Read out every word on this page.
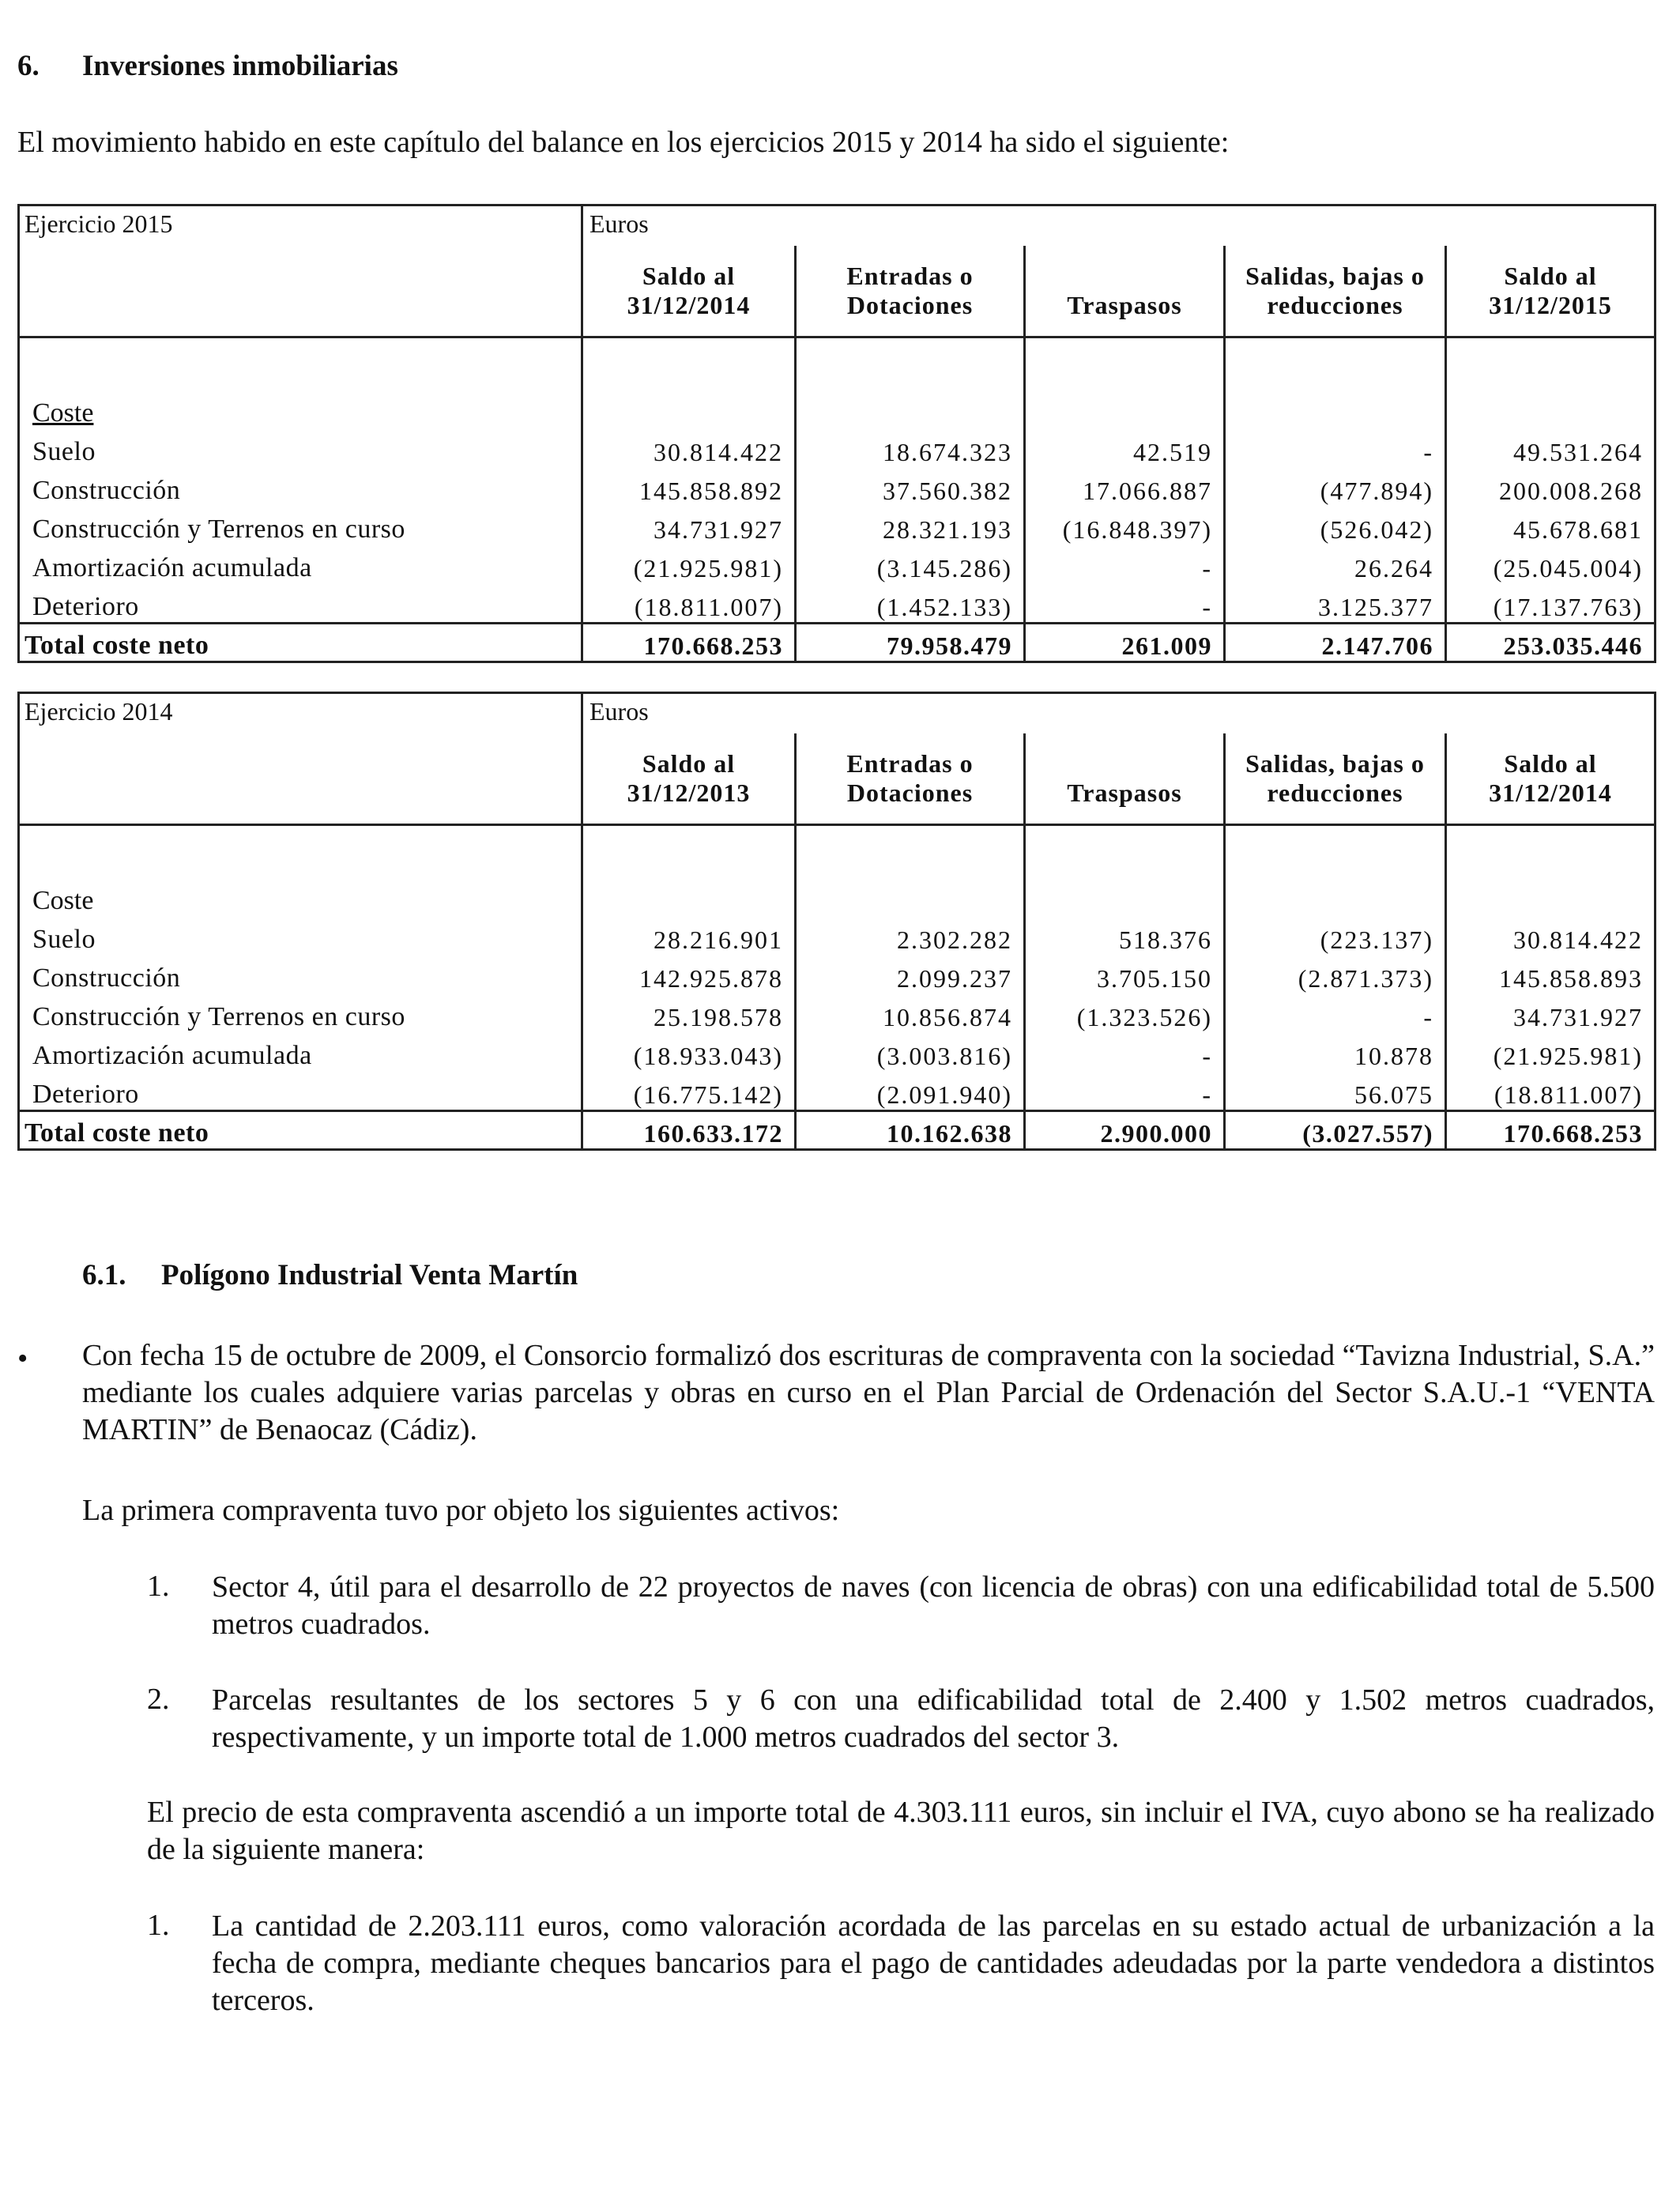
6. Inversiones inmobiliarias
El movimiento habido en este capítulo del balance en los ejercicios 2015 y 2014 ha sido el siguiente:
Ejercicio 2015	Euros				
	Saldo al	Entradas o		Salidas, bajas o	Saldo al
	31/12/2014	Dotaciones	Traspasos	reducciones	31/12/2015

Coste					
Suelo	30.814.422	18.674.323	42.519	-	49.531.264
Construcción	145.858.892	37.560.382	17.066.887	(477.894)	200.008.268
Construcción y Terrenos en curso	34.731.927	28.321.193	(16.848.397)	(526.042)	45.678.681
Amortización acumulada	(21.925.981)	(3.145.286)	-	26.264	(25.045.004)
Deterioro	(18.811.007)	(1.452.133)	-	3.125.377	(17.137.763)
Total coste neto	170.668.253	79.958.479	261.009	2.147.706	253.035.446
Ejercicio 2014	Euros				
	Saldo al	Entradas o		Salidas, bajas o	Saldo al
	31/12/2013	Dotaciones	Traspasos	reducciones	31/12/2014

Coste					
Suelo	28.216.901	2.302.282	518.376	(223.137)	30.814.422
Construcción	142.925.878	2.099.237	3.705.150	(2.871.373)	145.858.893
Construcción y Terrenos en curso	25.198.578	10.856.874	(1.323.526)	-	34.731.927
Amortización acumulada	(18.933.043)	(3.003.816)	-	10.878	(21.925.981)
Deterioro	(16.775.142)	(2.091.940)	-	56.075	(18.811.007)
Total coste neto	160.633.172	10.162.638	2.900.000	(3.027.557)	170.668.253
6.1. Polígono Industrial Venta Martín
• Con fecha 15 de octubre de 2009, el Consorcio formalizó dos escrituras de compraventa con la sociedad “Tavizna Industrial, S.A.” mediante los cuales adquiere varias parcelas y obras en curso en el Plan Parcial de Ordenación del Sector S.A.U.-1 “VENTA MARTIN” de Benaocaz (Cádiz).
La primera compraventa tuvo por objeto los siguientes activos:
1. Sector 4, útil para el desarrollo de 22 proyectos de naves (con licencia de obras) con una edificabilidad total de 5.500 metros cuadrados.
2. Parcelas resultantes de los sectores 5 y 6 con una edificabilidad total de 2.400 y 1.502 metros cuadrados, respectivamente, y un importe total de 1.000 metros cuadrados del sector 3.
El precio de esta compraventa ascendió a un importe total de 4.303.111 euros, sin incluir el IVA, cuyo abono se ha realizado de la siguiente manera:
1. La cantidad de 2.203.111 euros, como valoración acordada de las parcelas en su estado actual de urbanización a la fecha de compra, mediante cheques bancarios para el pago de cantidades adeudadas por la parte vendedora a distintos terceros.
